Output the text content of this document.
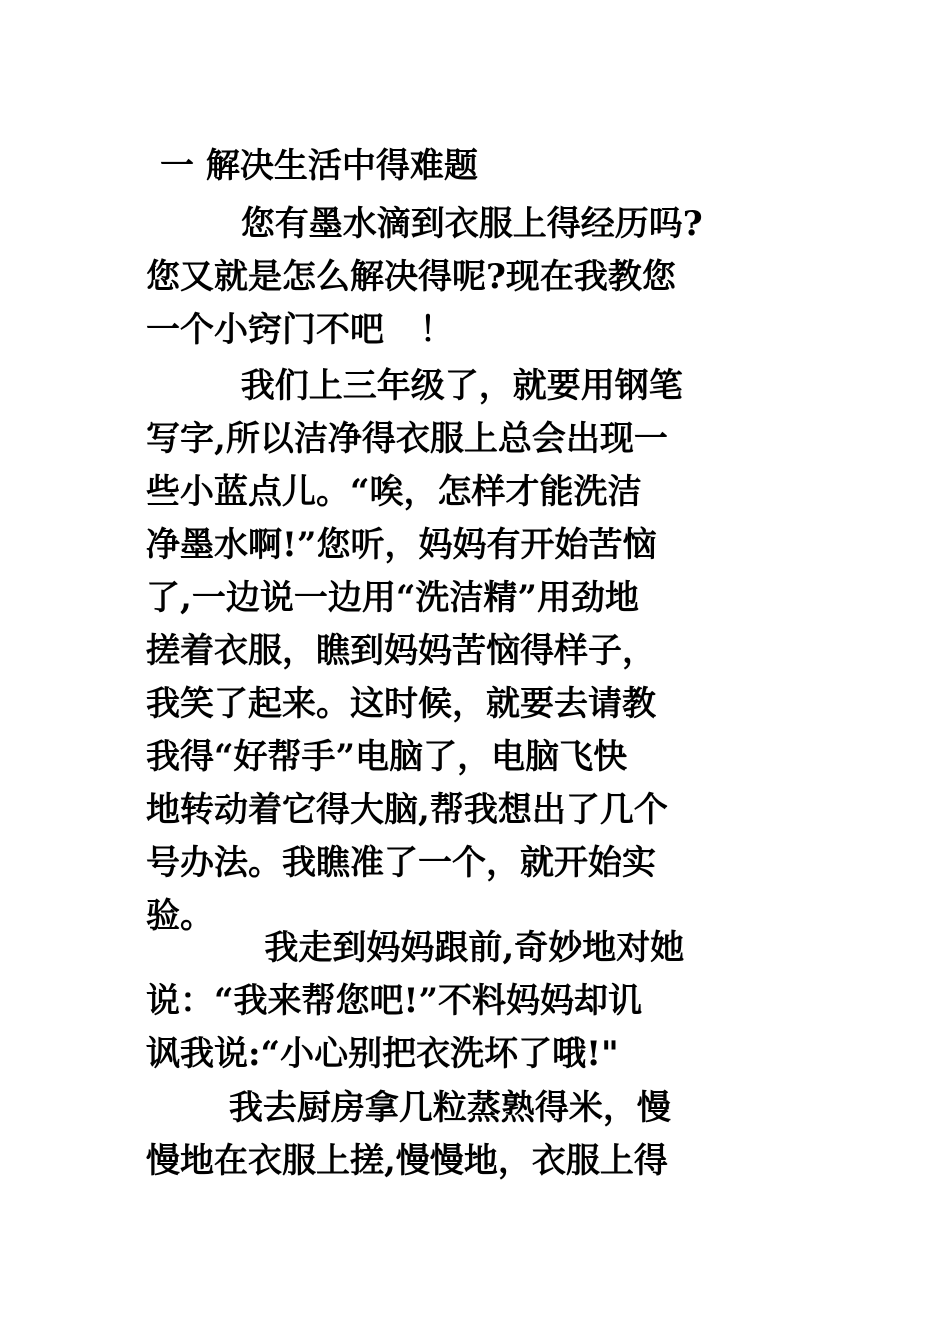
一 解决生活中得难题
您有墨水滴到衣服上得经历吗?
您又就是怎么解决得呢?现在我教您
一个小窍门不吧   ！
我们上三年级了，就要用钢笔
写字,所以洁净得衣服上总会出现一
些小蓝点儿。“唉，怎样才能洗洁
净墨水啊!”您听，妈妈有开始苦恼
了,一边说一边用“洗洁精”用劲地
搓着衣服，瞧到妈妈苦恼得样子，
我笑了起来。这时候，就要去请教
我得“好帮手”电脑了，电脑飞快
地转动着它得大脑,帮我想出了几个
号办法。我瞧准了一个，就开始实
验。
我走到妈妈跟前,奇妙地对她
说：“我来帮您吧!”不料妈妈却讥
讽我说:“小心别把衣洗坏了哦!"
我去厨房拿几粒蒸熟得米，慢
慢地在衣服上搓,慢慢地，衣服上得
